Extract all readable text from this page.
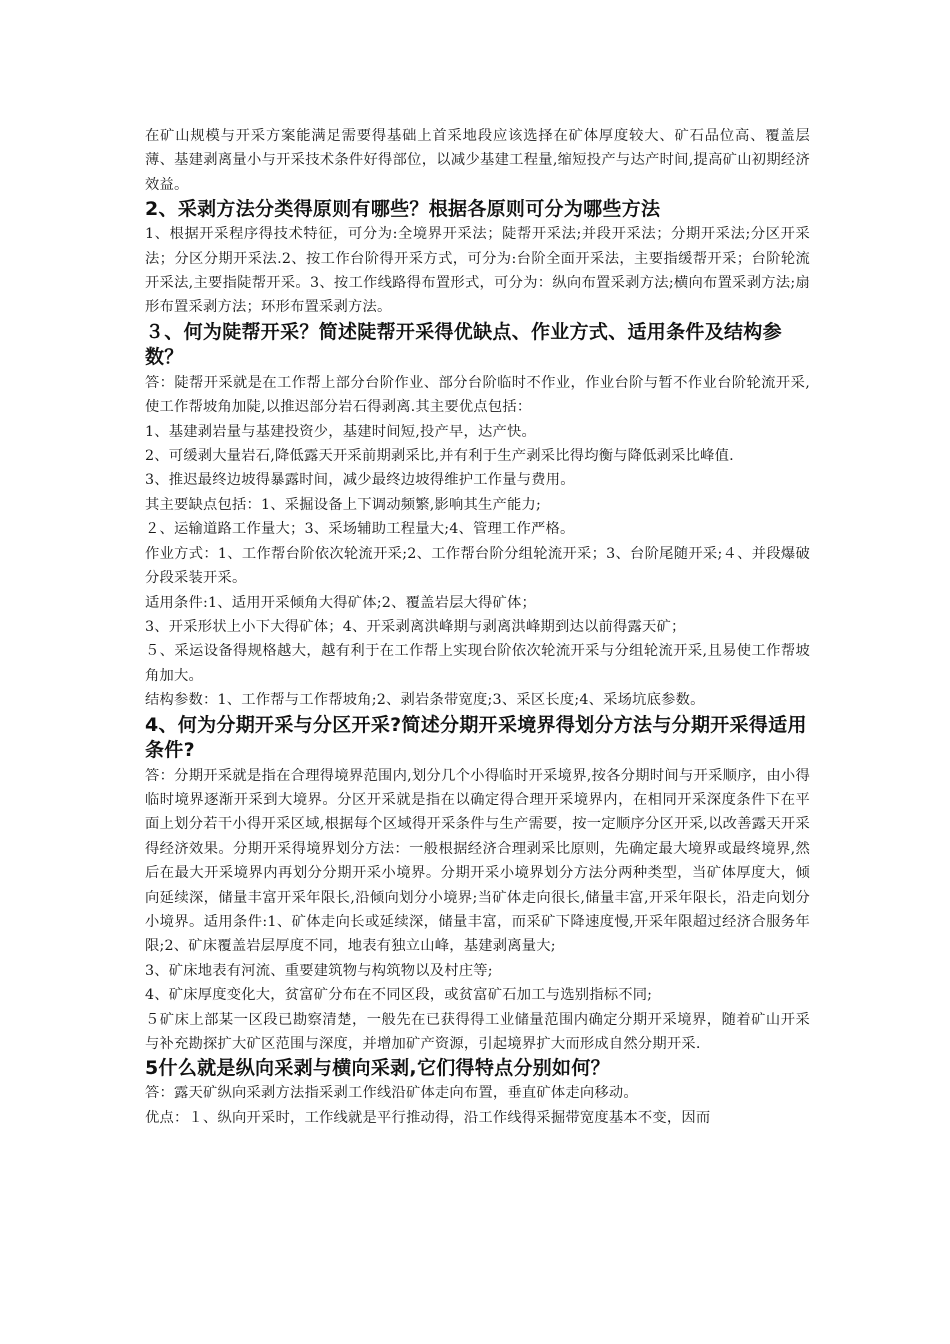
在矿山规模与开采方案能满足需要得基础上首采地段应该选择在矿体厚度较大、矿石品位高、覆盖层薄、基建剥离量小与开采技术条件好得部位，以减少基建工程量,缩短投产与达产时间,提高矿山初期经济效益。

2、采剥方法分类得原则有哪些？根据各原则可分为哪些方法

1、根据开采程序得技术特征，可分为:全境界开采法；陡帮开采法;并段开采法；分期开采法;分区开采法；分区分期开采法.2、按工作台阶得开采方式，可分为:台阶全面开采法，主要指缓帮开采；台阶轮流开采法,主要指陡帮开采。3、按工作线路得布置形式，可分为：纵向布置采剥方法;横向布置采剥方法;扇形布置采剥方法；环形布置采剥方法。

３、何为陡帮开采？简述陡帮开采得优缺点、作业方式、适用条件及结构参数？

答：陡帮开采就是在工作帮上部分台阶作业、部分台阶临时不作业，作业台阶与暂不作业台阶轮流开采,使工作帮坡角加陡,以推迟部分岩石得剥离.其主要优点包括：

1、基建剥岩量与基建投资少，基建时间短,投产早，达产快。

2、可缓剥大量岩石,降低露天开采前期剥采比,并有利于生产剥采比得均衡与降低剥采比峰值.

3、推迟最终边坡得暴露时间，减少最终边坡得维护工作量与费用。

其主要缺点包括：1、采掘设备上下调动频繁,影响其生产能力;

２、运输道路工作量大；3、采场辅助工程量大;4、管理工作严格。

作业方式：1、工作帮台阶依次轮流开采;2、工作帮台阶分组轮流开采；3、台阶尾随开采;４、并段爆破分段采装开采。

适用条件:1、适用开采倾角大得矿体;2、覆盖岩层大得矿体；

3、开采形状上小下大得矿体；4、开采剥离洪峰期与剥离洪峰期到达以前得露天矿；

５、采运设备得规格越大，越有利于在工作帮上实现台阶依次轮流开采与分组轮流开采,且易使工作帮坡角加大。

结构参数：1、工作帮与工作帮坡角;2、剥岩条带宽度;3、采区长度;4、采场坑底参数。

4、何为分期开采与分区开采?简述分期开采境界得划分方法与分期开采得适用条件?

答：分期开采就是指在合理得境界范围内,划分几个小得临时开采境界,按各分期时间与开采顺序，由小得临时境界逐渐开采到大境界。分区开采就是指在以确定得合理开采境界内，在相同开采深度条件下在平面上划分若干小得开采区域,根据每个区域得开采条件与生产需要，按一定顺序分区开采,以改善露天开采得经济效果。分期开采得境界划分方法：一般根据经济合理剥采比原则，先确定最大境界或最终境界,然后在最大开采境界内再划分分期开采小境界。分期开采小境界划分方法分两种类型，当矿体厚度大，倾向延续深，储量丰富开采年限长,沿倾向划分小境界;当矿体走向很长,储量丰富,开采年限长，沿走向划分小境界。适用条件:1、矿体走向长或延续深，储量丰富，而采矿下降速度慢,开采年限超过经济合服务年限;2、矿床覆盖岩层厚度不同，地表有独立山峰，基建剥离量大;

3、矿床地表有河流、重要建筑物与构筑物以及村庄等;

4、矿床厚度变化大，贫富矿分布在不同区段，或贫富矿石加工与选别指标不同;

５矿床上部某一区段已勘察清楚，一般先在已获得得工业储量范围内确定分期开采境界，随着矿山开采与补充勘探扩大矿区范围与深度，并增加矿产资源，引起境界扩大而形成自然分期开采.

5什么就是纵向采剥与横向采剥,它们得特点分别如何？

答：露天矿纵向采剥方法指采剥工作线沿矿体走向布置，垂直矿体走向移动。

优点：１、纵向开采时，工作线就是平行推动得，沿工作线得采掘带宽度基本不变，因而
